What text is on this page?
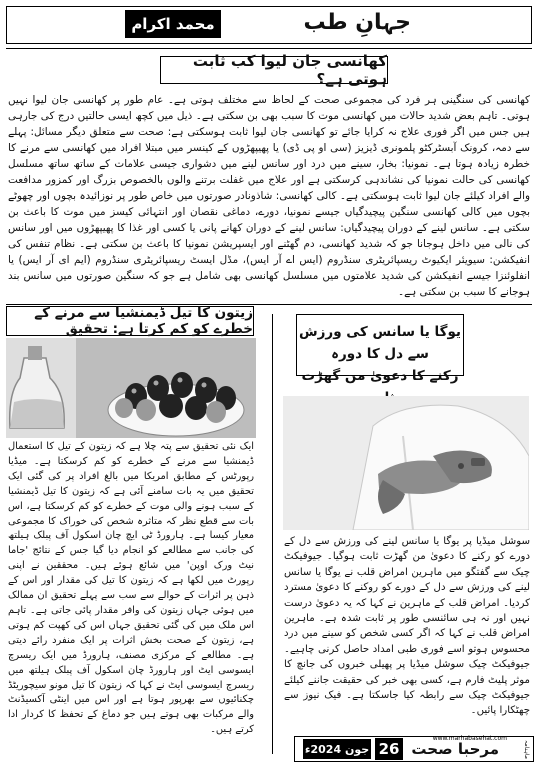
جہانِ طب
محمد اکرام
کھانسی جان لیوا کب ثابت ہوتی ہے؟
کھانسی کی سنگینی ہر فرد کی مجموعی صحت کے لحاظ سے مختلف ہوتی ہے۔ عام طور پر کھانسی جان لیوا نہیں ہوتی۔ تاہم بعض شدید حالات میں کھانسی موت کا سبب بھی بن سکتی ہے۔ ذیل میں کچھ ایسی حالتیں درج کی جارہی ہیں جس میں اگر فوری علاج نہ کرایا جائے تو کھانسی جان لیوا ثابت ہوسکتی ہے: صحت سے متعلق دیگر مسائل: پہلے سے دمہ، کرونک آبسٹرکٹو پلمونری ڈیزیز (سی او پی ڈی) یا پھیپھڑوں کے کینسر میں مبتلا افراد میں کھانسی سے مرنے کا خطرہ زیادہ ہوتا ہے۔ نمونیا: بخار، سینے میں درد اور سانس لینے میں دشواری جیسی علامات کے ساتھ ساتھ مسلسل کھانسی کی حالت نمونیا کی نشاندہی کرسکتی ہے اور علاج میں غفلت برتنے والوں بالخصوص بزرگ اور کمزور مدافعت والے افراد کیلئے جان لیوا ثابت ہوسکتی ہے۔ کالی کھانسی: شاذونادر صورتوں میں خاص طور پر نوزائیدہ بچوں اور چھوٹے بچوں میں کالی کھانسی سنگین پیچیدگیاں جیسے نمونیا، دورے، دماغی نقصان اور انتہائی کیسز میں موت کا باعث بن سکتی ہے۔ سانس لینے کے دوران پیچیدگیاں: سانس لینے کے دوران کھانے پانی یا کسی اور غذا کا پھیپھڑوں میں اور سانس کی نالی میں داخل ہوجانا جو کہ شدید کھانسی، دم گھٹنے اور ایسپریشن نمونیا کا باعث بن سکتی ہے۔ نظام تنفس کی انفیکشن: سیویئر ایکیوٹ ریسپائریٹری سنڈروم (ایس اے آر ایس)، مڈل ایسٹ ریسپائریٹری سنڈروم (ایم ای آر ایس) یا انفلوئنزا جیسے انفیکشن کی شدید علامتوں میں مسلسل کھانسی بھی شامل ہے جو کہ سنگین صورتوں میں سانس بند ہوجانے کا سبب بن سکتی ہے۔
زیتون کا تیل ڈیمنشیا سے مرنے کے خطرے کو کم کرتا ہے: تحقیق
ایک نئی تحقیق سے پتہ چلا ہے کہ زیتون کے تیل کا استعمال ڈیمنشیا سے مرنے کے خطرے کو کم کرسکتا ہے۔ میڈیا رپورٹس کے مطابق امریکا میں بالغ افراد پر کی گئی ایک تحقیق میں یہ بات سامنے آئی ہے کہ زیتون کا تیل ڈیمنشیا کے سبب ہونے والی موت کے خطرے کو کم کرسکتا ہے، اس بات سے قطع نظر کہ متاثرہ شخص کی خوراک کا مجموعی معیار کیسا ہے۔ ہارورڈ ٹی ایچ چان اسکول آف پبلک ہیلتھ کی جانب سے مطالعے کو انجام دیا گیا جس کے نتائج 'جاما نیٹ ورک اوپن' میں شائع ہوئے ہیں۔ محققین نے اپنی رپورٹ میں لکھا ہے کہ زیتون کا تیل کی مقدار اور اس کے ذہن پر اثرات کے حوالے سے سب سے پہلے تحقیق ان ممالک میں ہوئی جہاں زیتون کی وافر مقدار پائی جاتی ہے۔ تاہم اس ملک میں کی گئی تحقیق جہاں اس کی کھپت کم ہوتی ہے، زیتون کے صحت بخش اثرات پر ایک منفرد رائے دیتی ہے۔ مطالعے کے مرکزی مصنف، ہارورڈ میں ایک ریسرچ ایسوسی ایٹ اور ہارورڈ چان اسکول آف پبلک ہیلتھ میں ریسرچ ایسوسی ایٹ نے کہا کہ زیتون کا تیل مونو سیچوریٹڈ چکنائیوں سے بھرپور ہوتا ہے اور اس میں اینٹی آکسیڈنٹ والے مرکبات بھی ہوتے ہیں جو دماغ کے تحفظ کا کردار ادا کرتے ہیں۔
یوگا یا سانس کی ورزش سے دل کا دورہ
رکنے کا دعویٰ من گھڑت
سوشل میڈیا پر یوگا یا سانس لینے کی ورزش سے دل کے دورے کو رکنے کا دعویٰ من گھڑت ثابت ہوگیا۔ جیوفیکٹ چیک سے گفتگو میں ماہرین امراض قلب نے یوگا یا سانس لینے کی ورزش سے دل کے دورے کو روکنے کا دعویٰ مسترد کردیا۔ امراض قلب کے ماہرین نے کہا کہ یہ دعویٰ درست نہیں اور نہ ہی سائنسی طور پر ثابت شدہ ہے۔ ماہرین امراض قلب نے کہا کہ اگر کسی شخص کو سینے میں درد محسوس ہوتو اسے فوری طبی امداد حاصل کرنی چاہیے۔ جیوفیکٹ چیک سوشل میڈیا پر پھیلی خبروں کی جانچ کا موثر پلیٹ فارم ہے، کسی بھی خبر کی حقیقت جاننے کیلئے جیوفیکٹ چیک سے رابطہ کیا جاسکتا ہے۔ فیک نیوز سے چھٹکارا پائیں۔
جون 2024ء 26 مرحبا صحت
www.marhabasehat.com
ماہنامہ
